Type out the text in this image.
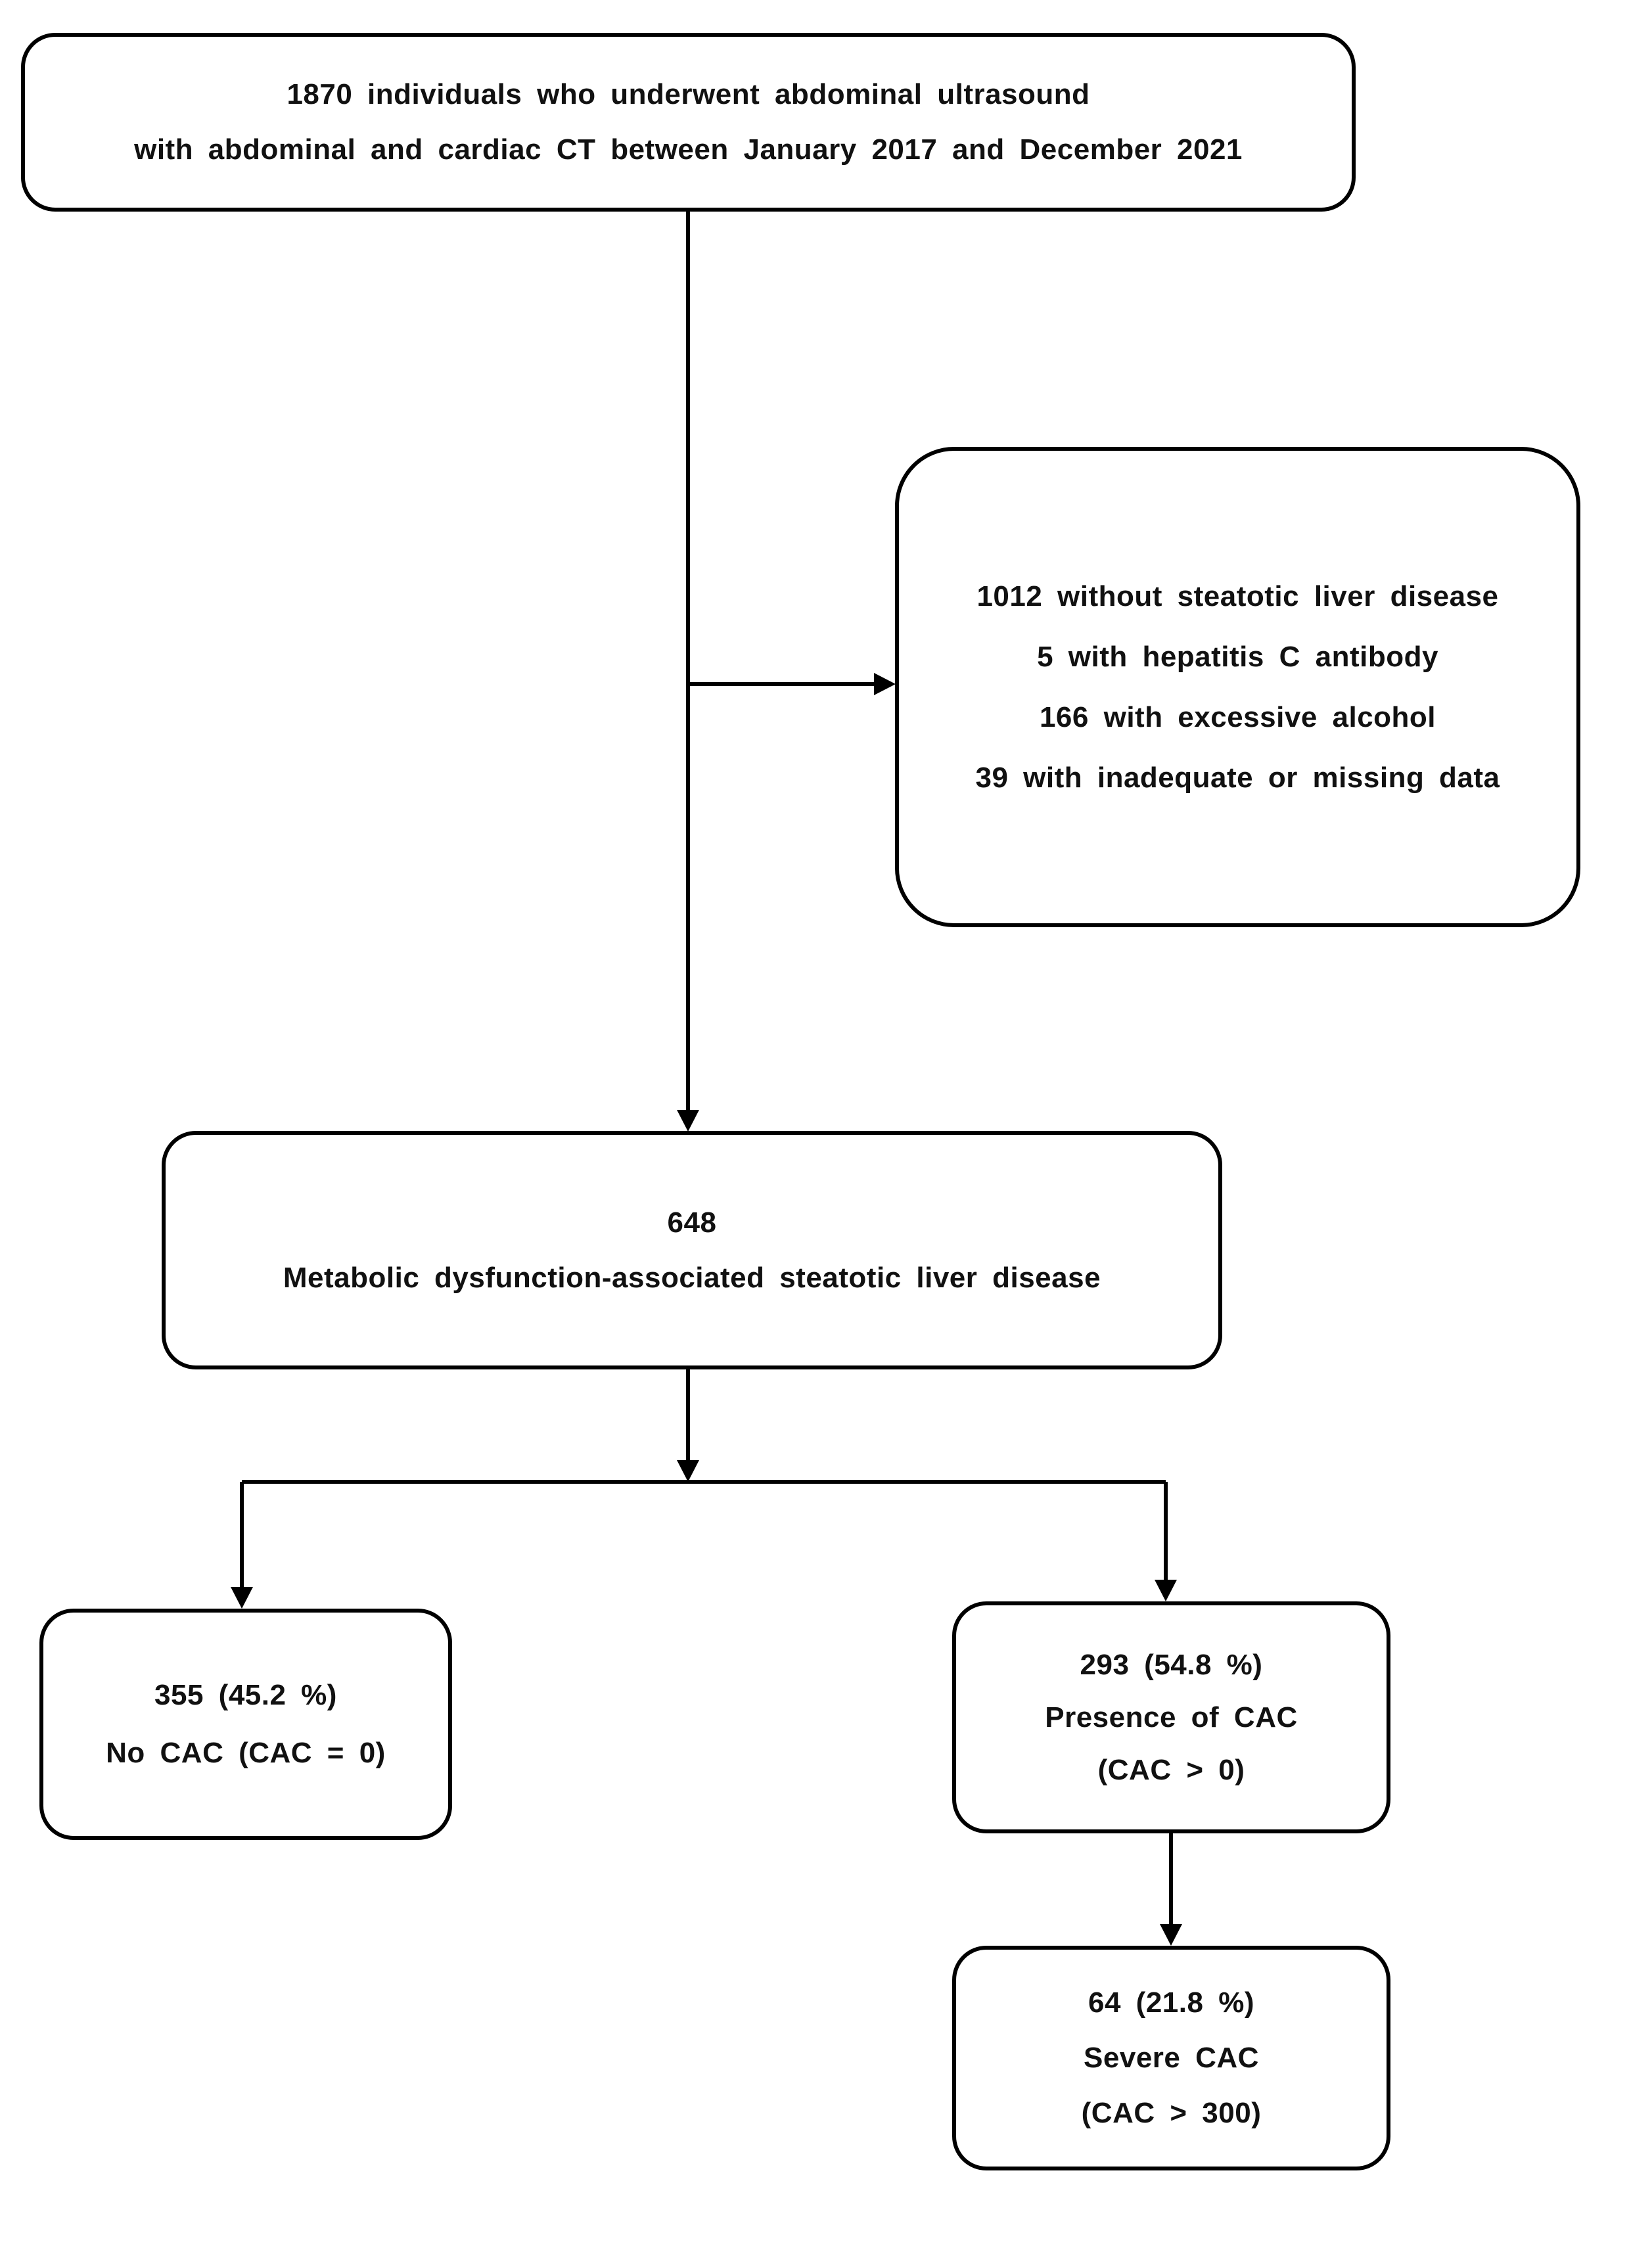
1870 individuals who underwent abdominal ultrasound
with abdominal and cardiac CT between January 2017 and December 2021
1012 without steatotic liver disease
5 with hepatitis C antibody
166 with excessive alcohol
39 with inadequate or missing data
648
Metabolic dysfunction-associated steatotic liver disease
355 (45.2 %)
No CAC (CAC = 0)
293 (54.8 %)
Presence of CAC
(CAC > 0)
64 (21.8 %)
Severe CAC
(CAC > 300)
